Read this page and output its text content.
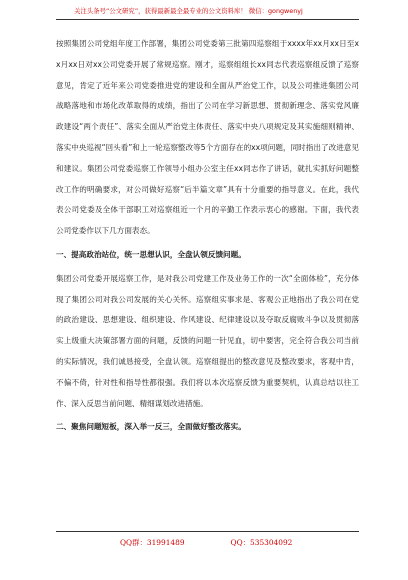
关注头条号“公文研究”，获得最新最全最专业的公文资料库！ 微信：gongwenyj

按照集团公司党组年度工作部署，集团公司党委第三批第四巡察组于xxxx年xx月xx日至xx月xx日对xx公司党委开展了常规巡察。刚才，巡察组组长xx同志代表巡察组反馈了巡察意见，肯定了近年来公司党委推进党的建设和全面从严治党工作，以及公司推进集团公司战略落地和市场化改革取得的成绩，指出了公司在学习新思想、贯彻新理念、落实党风廉政建设“两个责任”、落实全面从严治党主体责任、落实中央八项规定及其实施细则精神、落实中央巡视“回头看”和上一轮巡察整改等5个方面存在的xx项问题，同时指出了改进意见和建议。集团公司党委巡察工作领导小组办公室主任xx同志作了讲话，就扎实抓好问题整改工作的明确要求，对公司做好巡察“后半篇文章”具有十分重要的指导意义。在此，我代表公司党委及全体干部职工对巡察组近一个月的辛勤工作表示衷心的感谢。下面，我代表公司党委作以下几方面表态。

一、提高政治站位，统一思想认识，全盘认领反馈问题。

集团公司党委开展巡察工作，是对我公司党建工作及业务工作的一次“全面体检”，充分体现了集团公司对我公司发展的关心关怀。巡察组实事求是、客观公正地指出了我公司在党的政治建设、思想建设、组织建设、作风建设、纪律建设以及夺取反腐败斗争以及贯彻落实上级重大决策部署方面的问题，反馈的问题一针见血，切中要害，完全符合我公司当前的实际情况，我们诚恳接受，全盘认领。巡察组提出的整改意见及整改要求，客观中肯，不偏不倚，针对性和指导性都很强。我们将以本次巡察反馈为重要契机，认真总结以往工作、深入反思当前问题、精细谋划改进措施。

二、聚焦问题短板，深入举一反三，全面做好整改落实。

QQ群：31991489	QQ：535304092
